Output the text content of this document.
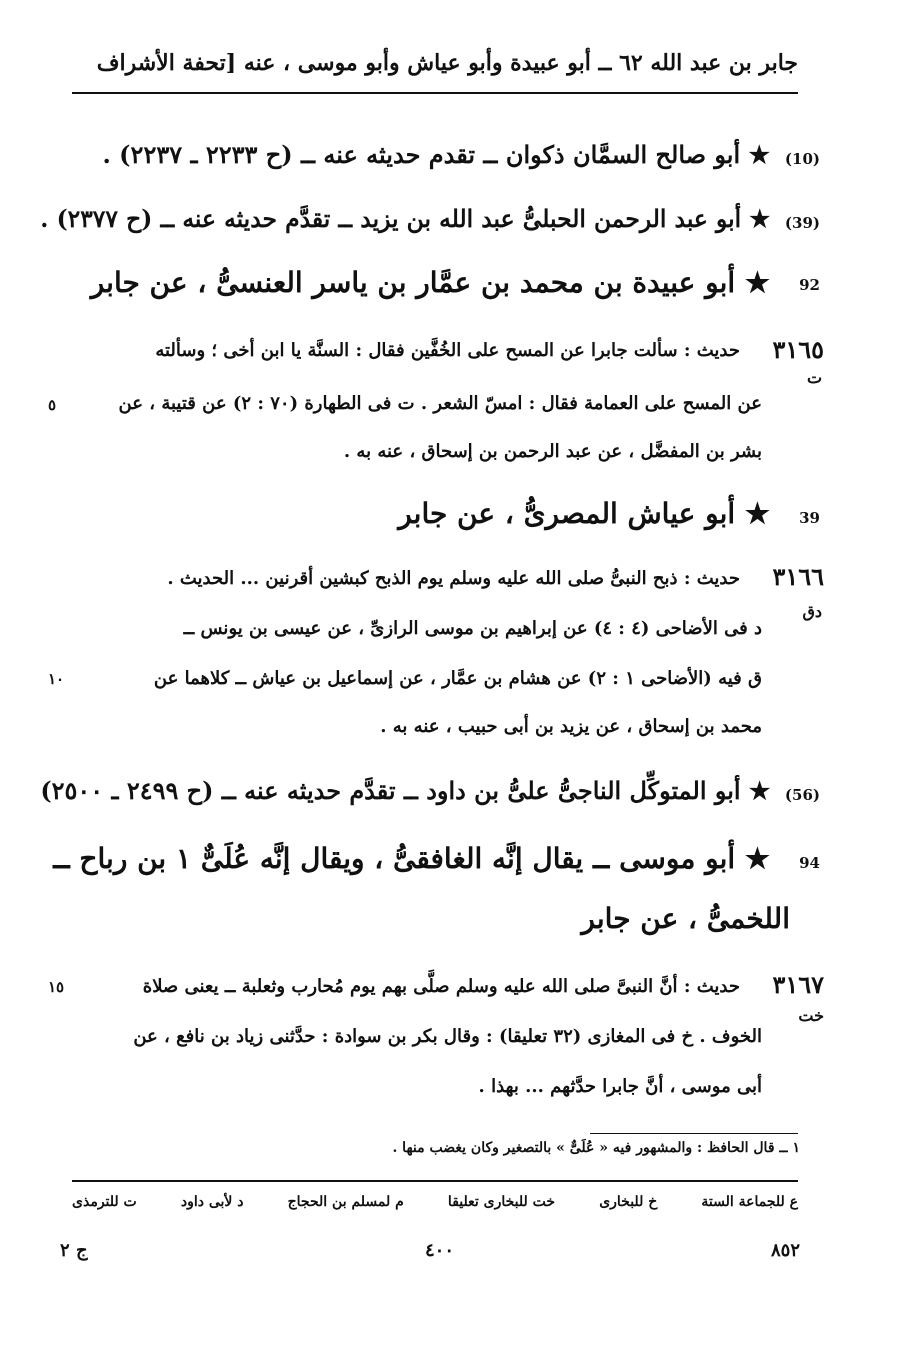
جابر بن عبد الله ٦٢ ــ أبو عبيدة وأبو عياش وأبو موسى ، عنه [تحفة الأشراف
(10)
★ أبو صالح السمَّان ذكوان ــ تقدم حديثه عنه ــ (ح ٢٢٣٣ ـ ٢٢٣٧) .
(39)
★ أبو عبد الرحمن الحبلىُّ عبد الله بن يزيد ــ تقدَّم حديثه عنه ــ (ح ٢٣٧٧) .
92
★ أبو عبيدة بن محمد بن عمَّار بن ياسر العنسىُّ ، عن جابر
٣١٦٥
ت
حديث : سألت جابرا عن المسح على الخُفَّين فقال : السنَّة يا ابن أخى ؛ وسألته
عن المسح على العمامة فقال : امسّ الشعر . ت فى الطهارة (٧٠ : ٢) عن قتيبة ، عن
بشر بن المفضَّل ، عن عبد الرحمن بن إسحاق ، عنه به .
٥
39
★ أبو عياش المصرىُّ ، عن جابر
٣١٦٦
دق
حديث : ذبح النبىُّ صلى الله عليه وسلم يوم الذبح كبشين أقرنين ... الحديث .
د فى الأضاحى (٤ : ٤) عن إبراهيم بن موسى الرازىِّ ، عن عيسى بن يونس ــ
ق فيه (الأضاحى ١ : ٢) عن هشام بن عمَّار ، عن إسماعيل بن عياش ــ كلاهما عن
محمد بن إسحاق ، عن يزيد بن أبى حبيب ، عنه به .
١٠
(56)
★ أبو المتوكِّل الناجىُّ علىُّ بن داود ــ تقدَّم حديثه عنه ــ (ح ٢٤٩٩ ـ ٢٥٠٠)
94
★ أبو موسى ــ يقال إنَّه الغافقىُّ ، ويقال إنَّه عُلَىٌّ ١ بن رباح ــ
اللخمىُّ ، عن جابر
٣١٦٧
خت
حديث : أنَّ النبىَّ صلى الله عليه وسلم صلَّى بهم يوم مُحارب وثعلبة ــ يعنى صلاة
الخوف . خ فى المغازى (٣٢ تعليقا) : وقال بكر بن سوادة : حدَّثنى زياد بن نافع ، عن
أبى موسى ، أنَّ جابرا حدَّثهم ... بهذا .
١٥
١ ــ قال الحافظ : والمشهور فيه « عُلَىٌّ » بالتصغير وكان يغضب منها .
ع للجماعة الستة
خ للبخارى
خت للبخارى تعليقا
م لمسلم بن الحجاج
د لأبى داود
ت للترمذى
٨٥٢
٤٠٠
ج ٢
